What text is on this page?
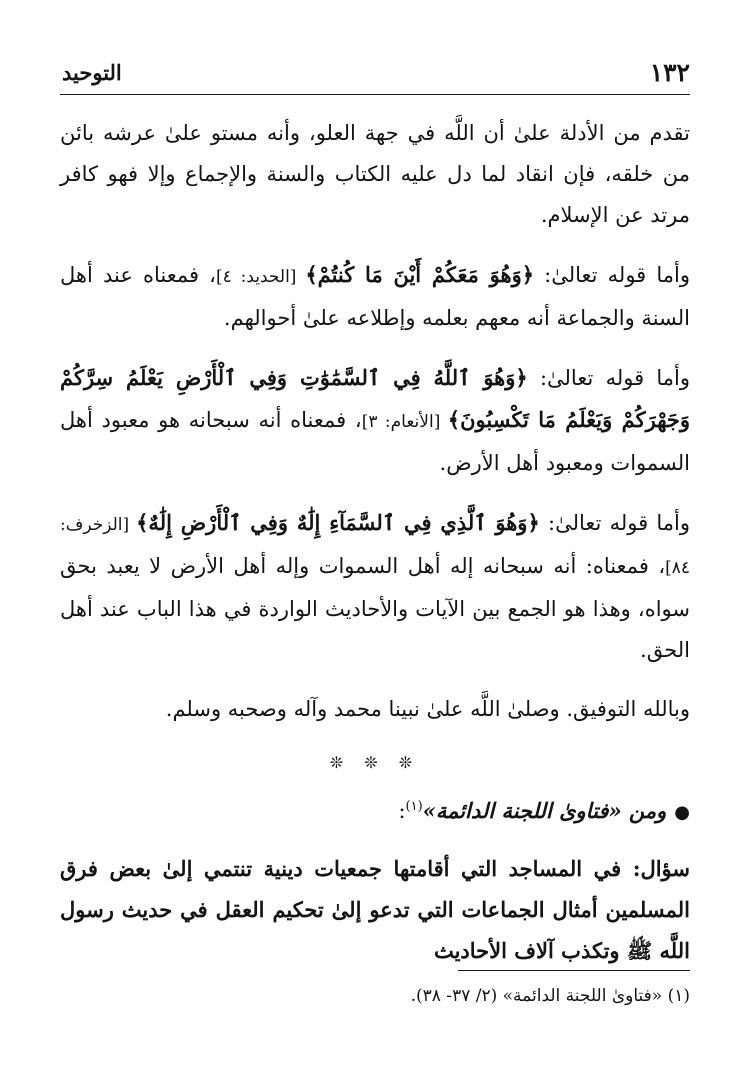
١٣٢
التوحيد

تقدم من الأدلة علىٰ أن اللَّه في جهة العلو، وأنه مستو علىٰ عرشه بائن من خلقه، فإن انقاد لما دل عليه الكتاب والسنة والإجماع وإلا فهو كافر مرتد عن الإسلام.

وأما قوله تعالىٰ: ﴿وَهُوَ مَعَكُمْ أَيْنَ مَا كُنتُمْ﴾ [الحديد: ٤]، فمعناه عند أهل السنة والجماعة أنه معهم بعلمه وإطلاعه علىٰ أحوالهم.

وأما قوله تعالىٰ: ﴿وَهُوَ ٱللَّهُ فِي ٱلسَّمَٰوَٰتِ وَفِي ٱلْأَرْضِ يَعْلَمُ سِرَّكُمْ وَجَهْرَكُمْ وَيَعْلَمُ مَا تَكْسِبُونَ﴾ [الأنعام: ٣]، فمعناه أنه سبحانه هو معبود أهل السموات ومعبود أهل الأرض.

وأما قوله تعالىٰ: ﴿وَهُوَ ٱلَّذِي فِي ٱلسَّمَآءِ إِلَٰهٌ وَفِي ٱلْأَرْضِ إِلَٰهٌ﴾ [الزخرف: ٨٤]، فمعناه: أنه سبحانه إله أهل السموات وإله أهل الأرض لا يعبد بحق سواه، وهذا هو الجمع بين الآيات والأحاديث الواردة في هذا الباب عند أهل الحق.

وبالله التوفيق. وصلىٰ اللَّه علىٰ نبينا محمد وآله وصحبه وسلم.

❊ ❊ ❊
●ومن «فتاوىٰ اللجنة الدائمة»$^{(١)}$:

سؤال: في المساجد التي أقامتها جمعيات دينية تنتمي إلىٰ بعض فرق المسلمين أمثال الجماعات التي تدعو إلىٰ تحكيم العقل في حديث رسول اللَّه ﷺ وتكذب آلاف الأحاديث

(١) «فتاوىٰ اللجنة الدائمة» (٢/ ٣٧- ٣٨).
